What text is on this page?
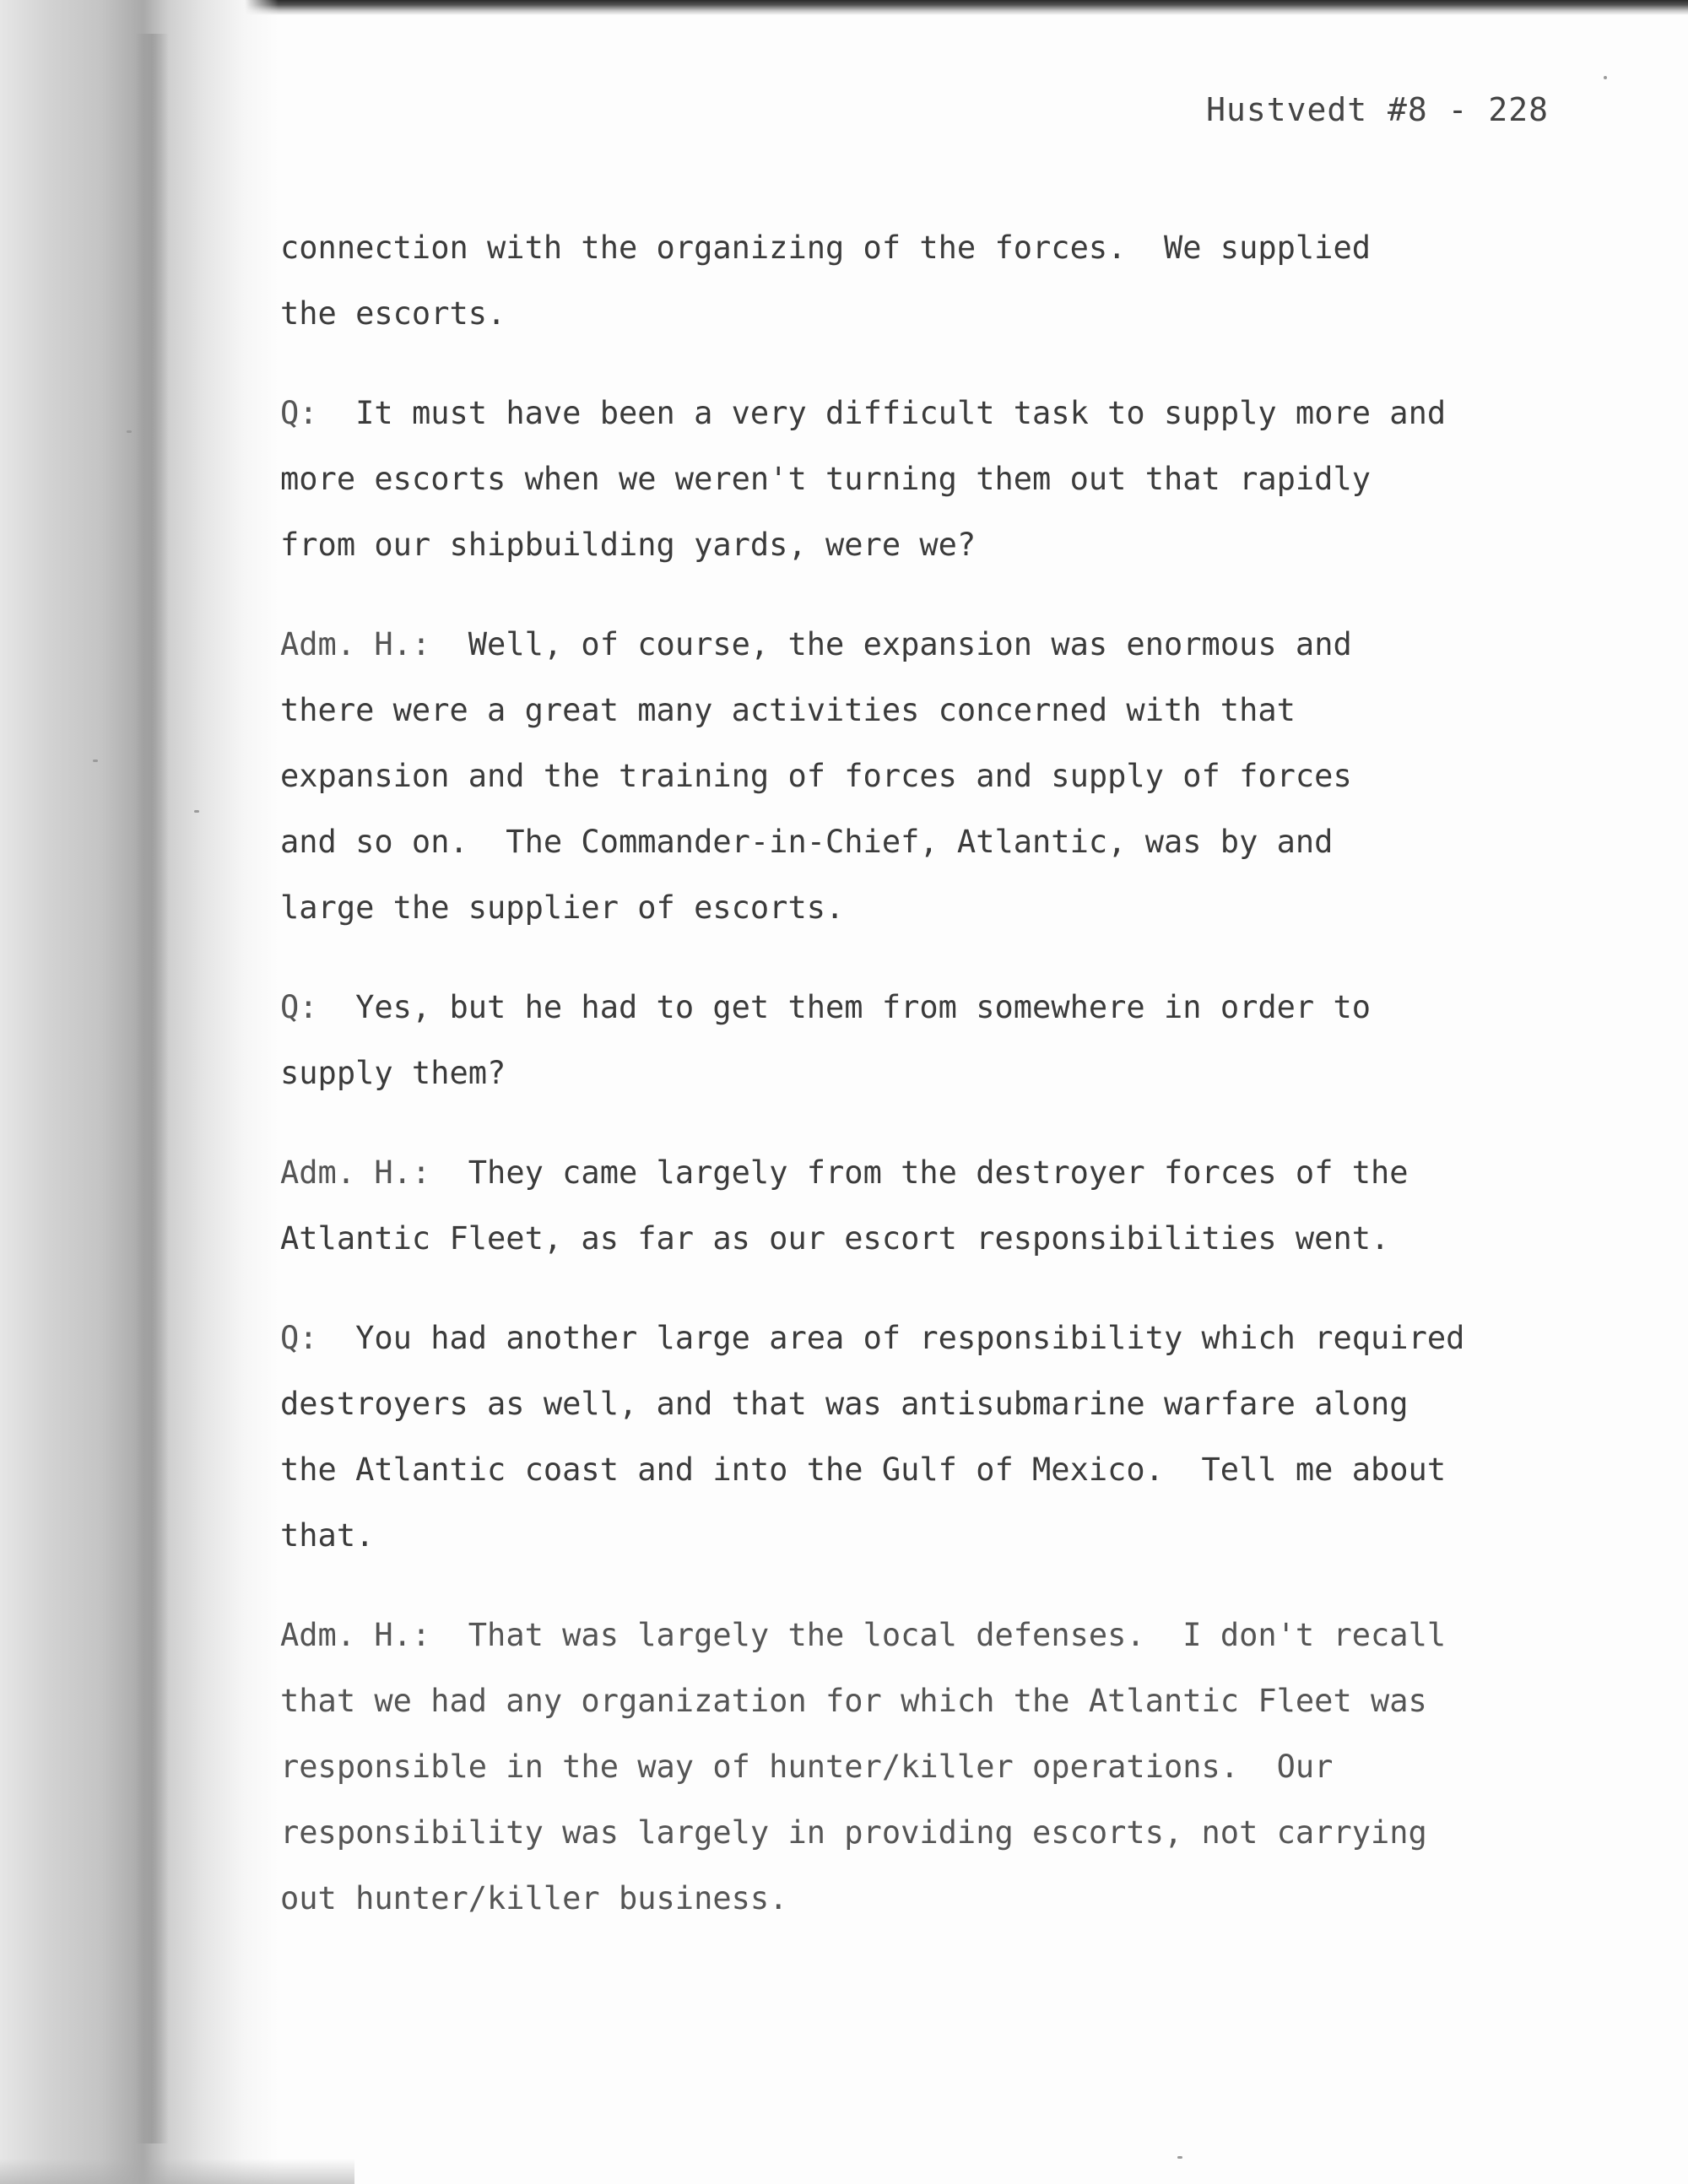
Hustvedt #8 - 228

connection with the organizing of the forces.  We supplied
the escorts.

Q: It must have been a very difficult task to supply more and
more escorts when we weren't turning them out that rapidly
from our shipbuilding yards, were we?

Adm. H.: Well, of course, the expansion was enormous and
there were a great many activities concerned with that
expansion and the training of forces and supply of forces
and so on.  The Commander-in-Chief, Atlantic, was by and
large the supplier of escorts.

Q: Yes, but he had to get them from somewhere in order to
supply them?

Adm. H.: They came largely from the destroyer forces of the
Atlantic Fleet, as far as our escort responsibilities went.

Q: You had another large area of responsibility which required
destroyers as well, and that was antisubmarine warfare along
the Atlantic coast and into the Gulf of Mexico.  Tell me about
that.

Adm. H.: That was largely the local defenses.  I don't recall
that we had any organization for which the Atlantic Fleet was
responsible in the way of hunter/killer operations.  Our
responsibility was largely in providing escorts, not carrying
out hunter/killer business.
